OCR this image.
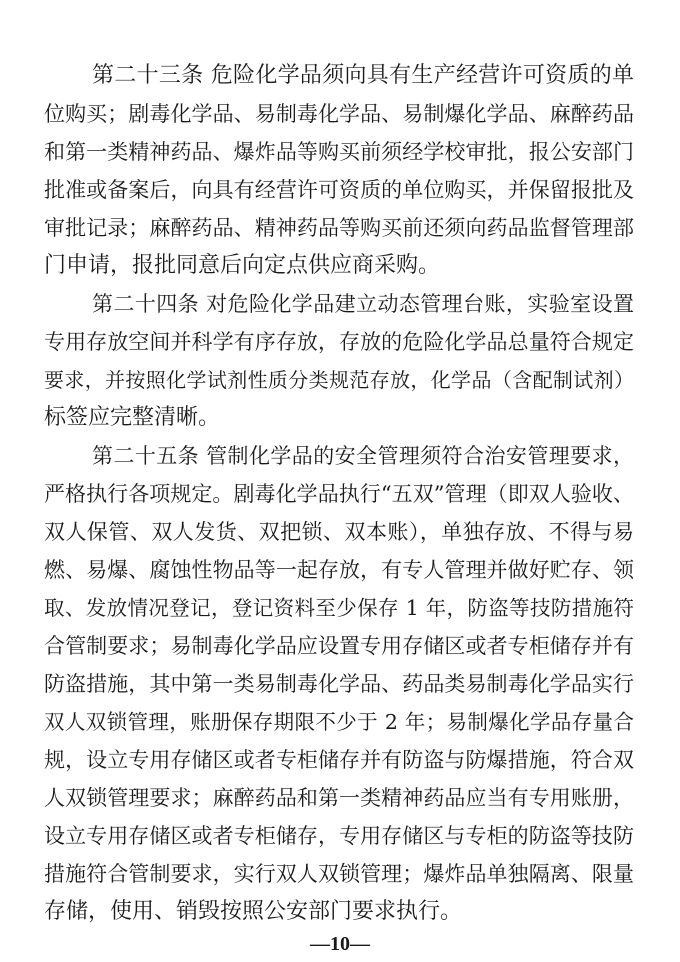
第二十三条 危险化学品须向具有生产经营许可资质的单
位购买；剧毒化学品、易制毒化学品、易制爆化学品、麻醉药品
和第一类精神药品、爆炸品等购买前须经学校审批，报公安部门
批准或备案后，向具有经营许可资质的单位购买，并保留报批及
审批记录；麻醉药品、精神药品等购买前还须向药品监督管理部
门申请，报批同意后向定点供应商采购。
第二十四条 对危险化学品建立动态管理台账，实验室设置
专用存放空间并科学有序存放，存放的危险化学品总量符合规定
要求，并按照化学试剂性质分类规范存放，化学品（含配制试剂）
标签应完整清晰。
第二十五条 管制化学品的安全管理须符合治安管理要求，
严格执行各项规定。剧毒化学品执行“五双”管理（即双人验收、
双人保管、双人发货、双把锁、双本账），单独存放、不得与易
燃、易爆、腐蚀性物品等一起存放，有专人管理并做好贮存、领
取、发放情况登记，登记资料至少保存 1 年，防盗等技防措施符
合管制要求；易制毒化学品应设置专用存储区或者专柜储存并有
防盗措施，其中第一类易制毒化学品、药品类易制毒化学品实行
双人双锁管理，账册保存期限不少于 2 年；易制爆化学品存量合
规，设立专用存储区或者专柜储存并有防盗与防爆措施，符合双
人双锁管理要求；麻醉药品和第一类精神药品应当有专用账册，
设立专用存储区或者专柜储存，专用存储区与专柜的防盗等技防
措施符合管制要求，实行双人双锁管理；爆炸品单独隔离、限量
存储，使用、销毁按照公安部门要求执行。
—10—
